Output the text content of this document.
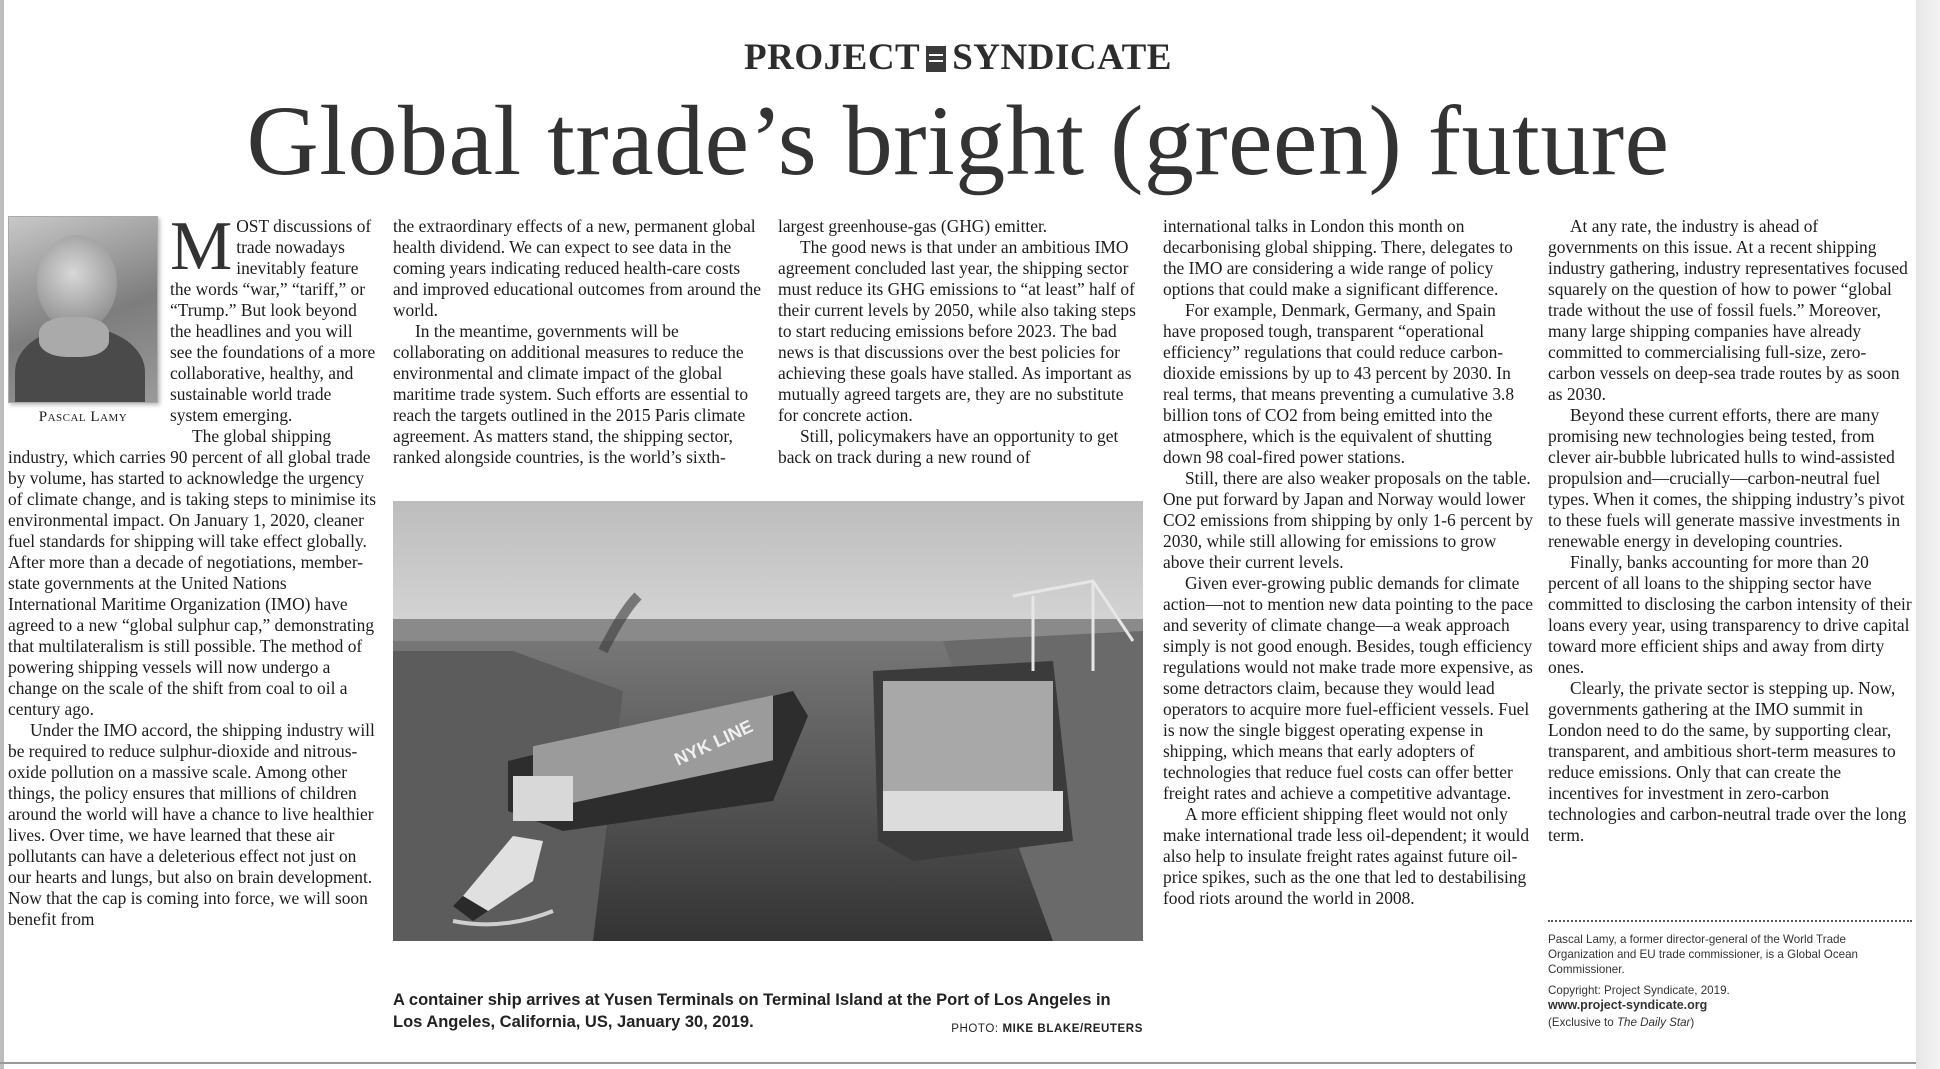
PROJECT SYNDICATE
Global trade’s bright (green) future
Pascal Lamy

MOST discussions of trade nowadays inevitably feature the words “war,” “tariff,” or “Trump.” But look beyond the headlines and you will see the foundations of a more collaborative, healthy, and sustainable world trade system emerging.

The global shipping industry, which carries 90 percent of all global trade by volume, has started to acknowledge the urgency of climate change, and is taking steps to minimise its environmental impact. On January 1, 2020, cleaner fuel standards for shipping will take effect globally. After more than a decade of negotiations, member-state governments at the United Nations International Maritime Organization (IMO) have agreed to a new “global sulphur cap,” demonstrating that multilateralism is still possible. The method of powering shipping vessels will now undergo a change on the scale of the shift from coal to oil a century ago.

Under the IMO accord, the shipping industry will be required to reduce sulphur-dioxide and nitrous-oxide pollution on a massive scale. Among other things, the policy ensures that millions of children around the world will have a chance to live healthier lives. Over time, we have learned that these air pollutants can have a deleterious effect not just on our hearts and lungs, but also on brain development. Now that the cap is coming into force, we will soon benefit from

the extraordinary effects of a new, permanent global health dividend. We can expect to see data in the coming years indicating reduced health-care costs and improved educational outcomes from around the world.

In the meantime, governments will be collaborating on additional measures to reduce the environmental and climate impact of the global maritime trade system. Such efforts are essential to reach the targets outlined in the 2015 Paris climate agreement. As matters stand, the shipping sector, ranked alongside countries, is the world’s sixth-

largest greenhouse-gas (GHG) emitter.

The good news is that under an ambitious IMO agreement concluded last year, the shipping sector must reduce its GHG emissions to “at least” half of their current levels by 2050, while also taking steps to start reducing emissions before 2023. The bad news is that discussions over the best policies for achieving these goals have stalled. As important as mutually agreed targets are, they are no substitute for concrete action.

Still, policymakers have an opportunity to get back on track during a new round of

NYK LINE
A container ship arrives at Yusen Terminals on Terminal Island at the Port of Los Angeles in Los Angeles, California, US, January 30, 2019.	PHOTO: MIKE BLAKE/REUTERS

international talks in London this month on decarbonising global shipping. There, delegates to the IMO are considering a wide range of policy options that could make a significant difference.

For example, Denmark, Germany, and Spain have proposed tough, transparent “operational efficiency” regulations that could reduce carbon-dioxide emissions by up to 43 percent by 2030. In real terms, that means preventing a cumulative 3.8 billion tons of CO2 from being emitted into the atmosphere, which is the equivalent of shutting down 98 coal-fired power stations.

Still, there are also weaker proposals on the table. One put forward by Japan and Norway would lower CO2 emissions from shipping by only 1-6 percent by 2030, while still allowing for emissions to grow above their current levels.

Given ever-growing public demands for climate action—not to mention new data pointing to the pace and severity of climate change—a weak approach simply is not good enough. Besides, tough efficiency regulations would not make trade more expensive, as some detractors claim, because they would lead operators to acquire more fuel-efficient vessels. Fuel is now the single biggest operating expense in shipping, which means that early adopters of technologies that reduce fuel costs can offer better freight rates and achieve a competitive advantage.

A more efficient shipping fleet would not only make international trade less oil-dependent; it would also help to insulate freight rates against future oil-price spikes, such as the one that led to destabilising food riots around the world in 2008.

At any rate, the industry is ahead of governments on this issue. At a recent shipping industry gathering, industry representatives focused squarely on the question of how to power “global trade without the use of fossil fuels.” Moreover, many large shipping companies have already committed to commercialising full-size, zero-carbon vessels on deep-sea trade routes by as soon as 2030.

Beyond these current efforts, there are many promising new technologies being tested, from clever air-bubble lubricated hulls to wind-assisted propulsion and—crucially—carbon-neutral fuel types. When it comes, the shipping industry’s pivot to these fuels will generate massive investments in renewable energy in developing countries.

Finally, banks accounting for more than 20 percent of all loans to the shipping sector have committed to disclosing the carbon intensity of their loans every year, using transparency to drive capital toward more efficient ships and away from dirty ones.

Clearly, the private sector is stepping up. Now, governments gathering at the IMO summit in London need to do the same, by supporting clear, transparent, and ambitious short-term measures to reduce emissions. Only that can create the incentives for investment in zero-carbon technologies and carbon-neutral trade over the long term.

Pascal Lamy, a former director-general of the World Trade Organization and EU trade commissioner, is a Global Ocean Commissioner.

Copyright: Project Syndicate, 2019.

www.project-syndicate.org

(Exclusive to The Daily Star)
